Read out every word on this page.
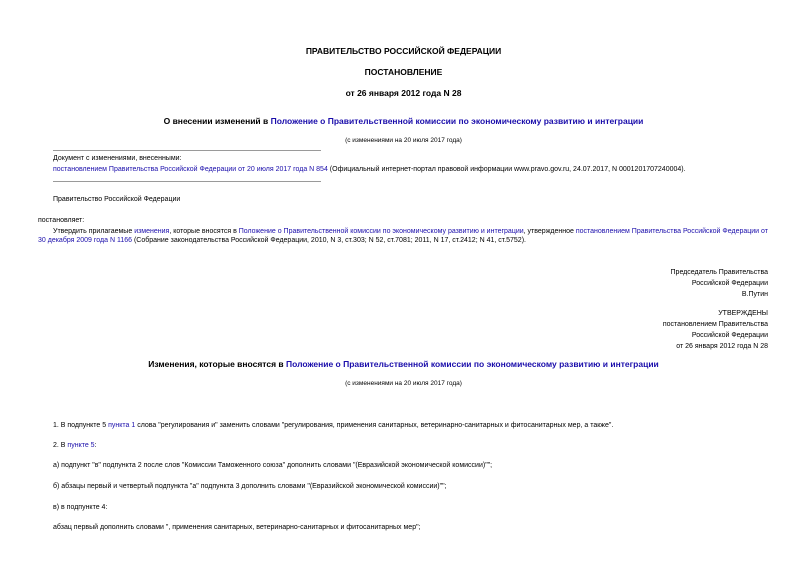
ПРАВИТЕЛЬСТВО РОССИЙСКОЙ ФЕДЕРАЦИИ
ПОСТАНОВЛЕНИЕ
от 26 января 2012 года N 28
О внесении изменений в Положение о Правительственной комиссии по экономическому развитию и интеграции
(с изменениями на 20 июля 2017 года)
Документ с изменениями, внесенными:
постановлением Правительства Российской Федерации от 20 июля 2017 года N 854 (Официальный интернет-портал правовой информации www.pravo.gov.ru, 24.07.2017, N 0001201707240004).
Правительство Российской Федерации
постановляет:
Утвердить прилагаемые изменения, которые вносятся в Положение о Правительственной комиссии по экономическому развитию и интеграции, утвержденное постановлением Правительства Российской Федерации от 30 декабря 2009 года N 1166 (Собрание законодательства Российской Федерации, 2010, N 3, ст.303; N 52, ст.7081; 2011, N 17, ст.2412; N 41, ст.5752).
Председатель Правительства
Российской Федерации
В.Путин
УТВЕРЖДЕНЫ
постановлением Правительства
Российской Федерации
от 26 января 2012 года N 28
Изменения, которые вносятся в Положение о Правительственной комиссии по экономическому развитию и интеграции
(с изменениями на 20 июля 2017 года)
1. В подпункте 5 пункта 1 слова "регулирования и" заменить словами "регулирования, применения санитарных, ветеринарно-санитарных и фитосанитарных мер, а также".
2. В пункте 5:
а) подпункт "в" подпункта 2 после слов "Комиссии Таможенного союза" дополнить словами "(Евразийской экономической комиссии)"";
б) абзацы первый и четвертый подпункта "а" подпункта 3 дополнить словами "(Евразийской экономической комиссии)"";
в) в подпункте 4:
абзац первый дополнить словами ", применения санитарных, ветеринарно-санитарных и фитосанитарных мер";
